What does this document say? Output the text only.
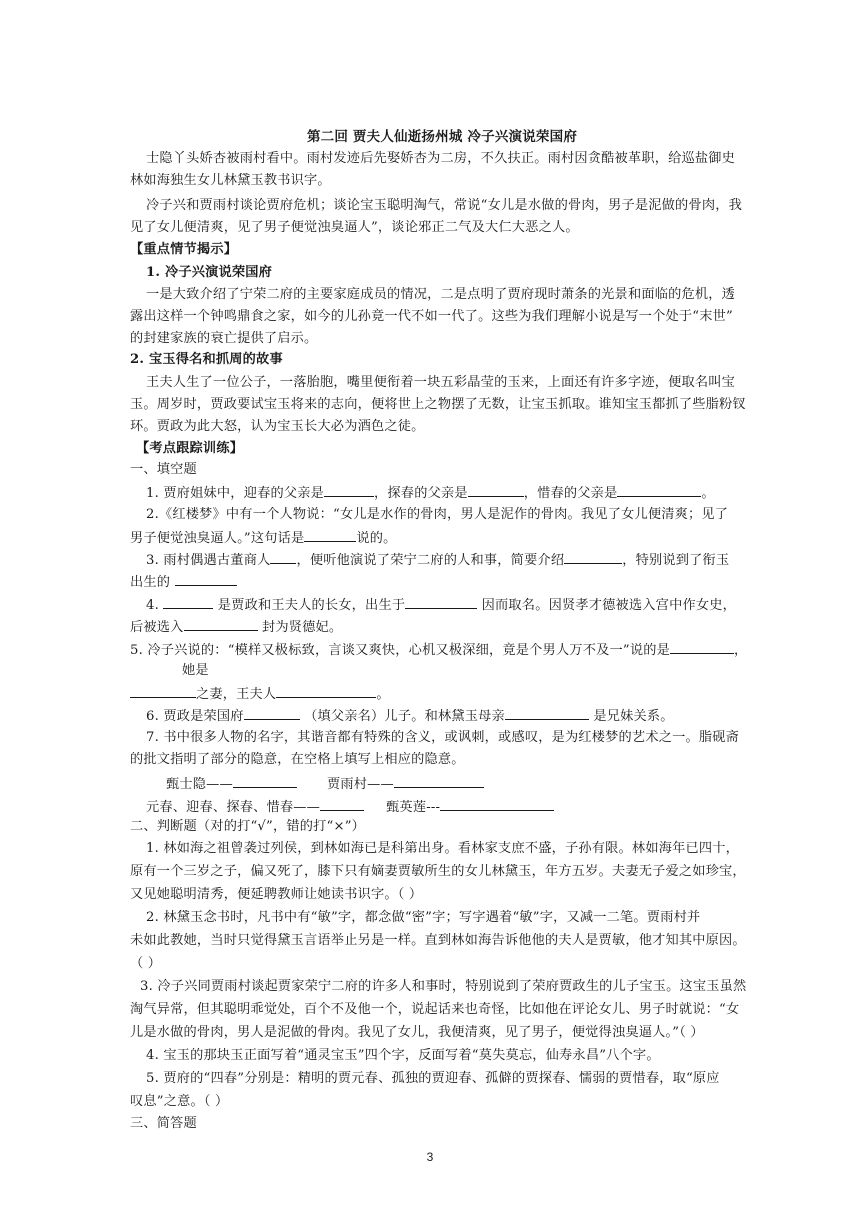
第二回 贾夫人仙逝扬州城 冷子兴演说荣国府
士隐丫头娇杏被雨村看中。雨村发迹后先娶娇杏为二房，不久扶正。雨村因贪酷被革职，给巡盐御史
林如海独生女儿林黛玉教书识字。
冷子兴和贾雨村谈论贾府危机；谈论宝玉聪明淘气，常说“女儿是水做的骨肉，男子是泥做的骨肉，我
见了女儿便清爽，见了男子便觉浊臭逼人”，谈论邪正二气及大仁大恶之人。
【重点情节揭示】
1. 冷子兴演说荣国府
一是大致介绍了宁荣二府的主要家庭成员的情况，二是点明了贾府现时萧条的光景和面临的危机，透
露出这样一个钟鸣鼎食之家，如今的儿孙竟一代不如一代了。这些为我们理解小说是写一个处于“末世”
的封建家族的衰亡提供了启示。
2. 宝玉得名和抓周的故事
王夫人生了一位公子，一落胎胞，嘴里便衔着一块五彩晶莹的玉来，上面还有许多字迹，便取名叫宝
玉。周岁时，贾政要试宝玉将来的志向，便将世上之物摆了无数，让宝玉抓取。谁知宝玉都抓了些脂粉钗
环。贾政为此大怒，认为宝玉长大必为酒色之徒。
【考点跟踪训练】
一、填空题
1. 贾府姐妹中，迎春的父亲是	，探春的父亲是	，惜春的父亲是	。
2.《红楼梦》中有一个人物说：“女儿是水作的骨肉，男人是泥作的骨肉。我见了女儿便清爽；见了
男子便觉浊臭逼人。”这句话是	说的。
3. 雨村偶遇古董商人 ，便听他演说了荣宁二府的人和事，简要介绍	，特别说到了衔玉
出生的
4.	是贾政和王夫人的长女，出生于	因而取名。因贤孝才德被选入宫中作女史，
后被选入	封为贤德妃。
5. 冷子兴说的：“模样又极标致，言谈又爽快，心机又极深细，竟是个男人万不及一”说的是	，
她是
之妻，王夫人	。
6. 贾政是荣国府	（填父亲名）儿子。和林黛玉母亲	是兄妹关系。
7. 书中很多人物的名字，其谐音都有特殊的含义，或讽刺，或感叹，是为红楼梦的艺术之一。脂砚斋
的批文指明了部分的隐意，在空格上填写上相应的隐意。
甄士隐——	贾雨村——
元春、迎春、探春、惜春——	甄英莲---
二、判断题（对的打“√”，错的打“×”）
1. 林如海之祖曾袭过列侯，到林如海已是科第出身。看林家支庶不盛，子孙有限。林如海年已四十，
原有一个三岁之子，偏又死了，膝下只有嫡妻贾敏所生的女儿林黛玉，年方五岁。夫妻无子爱之如珍宝，
又见她聪明清秀，便延聘教师让她读书识字。（ ）
2. 林黛玉念书时，凡书中有“敏”字，都念做“密”字；写字遇着“敏”字，又减一二笔。贾雨村并
未如此教她，当时只觉得黛玉言语举止另是一样。直到林如海告诉他他的夫人是贾敏，他才知其中原因。
（ ）
3. 冷子兴同贾雨村谈起贾家荣宁二府的许多人和事时，特别说到了荣府贾政生的儿子宝玉。这宝玉虽然
淘气异常，但其聪明乖觉处，百个不及他一个，说起话来也奇怪，比如他在评论女儿、男子时就说：“女
儿是水做的骨肉，男人是泥做的骨肉。我见了女儿，我便清爽，见了男子，便觉得浊臭逼人。”（ ）
4. 宝玉的那块玉正面写着“通灵宝玉”四个字，反面写着“莫失莫忘，仙寿永昌”八个字。
5. 贾府的“四春”分别是：精明的贾元春、孤独的贾迎春、孤僻的贾探春、懦弱的贾惜春，取“原应
叹息”之意。（ ）
三、简答题
3
